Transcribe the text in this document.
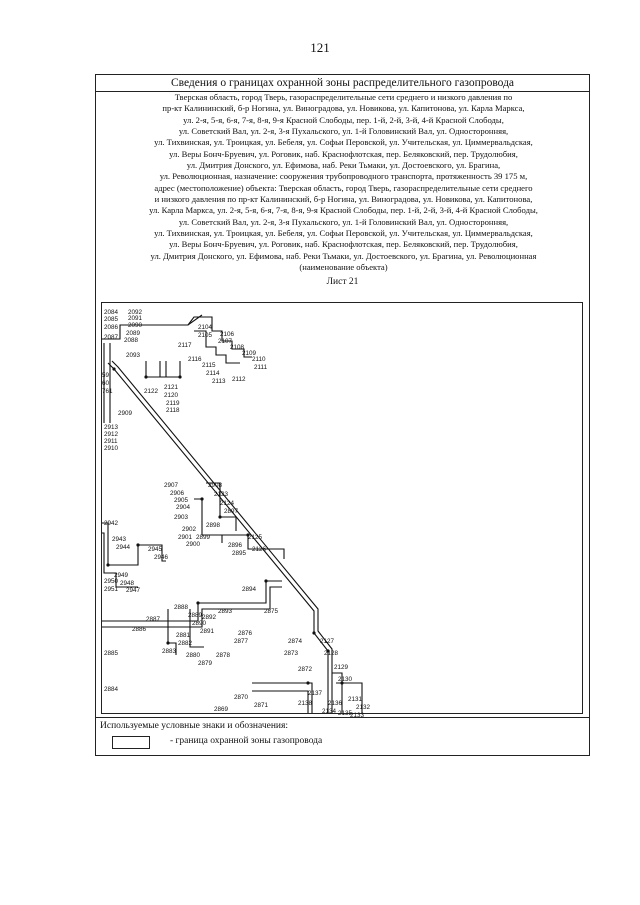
121
Сведения о границах охранной зоны распределительного газопровода
Тверская область, город Тверь, газораспределительные сети среднего и низкого давления по
пр-кт Калининский, б-р Ногина, ул. Виноградова, ул. Новикова, ул. Капитонова, ул. Карла Маркса,
ул. 2-я, 5-я, 6-я, 7-я, 8-я, 9-я Красной Слободы, пер. 1-й, 2-й, 3-й, 4-й Красной Слободы,
ул. Советский Вал, ул. 2-я, 3-я Пухальского, ул. 1-й Головинский Вал, ул. Односторонняя,
ул. Тихвинская, ул. Троицкая, ул. Бебеля, ул. Софьи Перовской, ул. Учительская, ул. Циммервальдская,
ул. Веры Бонч-Бруевич, ул. Роговик, наб. Краснофлотская, пер. Беляковский, пер. Трудолюбия,
ул. Дмитрия Донского, ул. Ефимова, наб. Реки Тьмаки, ул. Достоевского, ул. Брагина,
ул. Революционная, назначение: сооружения трубопроводного транспорта, протяженность 39 175 м,
адрес (местоположение) объекта: Тверская область, город Тверь, газораспределительные сети среднего
и низкого давления по пр-кт Калининский, б-р Ногина, ул. Виноградова, ул. Новикова, ул. Капитонова,
ул. Карла Маркса, ул. 2-я, 5-я, 6-я, 7-я, 8-я, 9-я Красной Слободы, пер. 1-й, 2-й, 3-й, 4-й Красной Слободы,
ул. Советский Вал, ул. 2-я, 3-я Пухальского, ул. 1-й Головинский Вал, ул. Односторонняя,
ул. Тихвинская, ул. Троицкая, ул. Бебеля, ул. Софьи Перовской, ул. Учительская, ул. Циммервальдская,
ул. Веры Бонч-Бруевич, ул. Роговик, наб. Краснофлотская, пер. Беляковский, пер. Трудолюбия,
ул. Дмитрия Донского, ул. Ефимова, наб. Реки Тьмаки, ул. Достоевского, ул. Брагина, ул. Революционная
(наименование объекта)
Лист 21
2084
2085
2092
2091
2090
2086
2089
2087 2088
2093
2104
2105 2106
2107
2108
2109
2110
2111
2117
2116
2115
2114
2113 2112
2122
2121
2120
2119
2118
2909
2913
2912
2911
2910
2907
2906
2905
2904
2903
2908
2123
2124
2897
2898
2902
2901 2899
2900	2896
2895
2125
2126
2942
2943
2944	2945
2946
2949
2950 2948
2951 2947	2894
2888
2893	2875
2887
2889 2892
2890
2891	2876
2886
2881
2882	2877
2883
2880	2878
2879
2885
2884
2874
2873
2127
2128
2872	2129
2130
2870
2871
2869
2137
2131
2138	2136
2132
2134 2135
2133
59
60
761
Используемые условные знаки и обозначения:
- граница охранной зоны газопровода
